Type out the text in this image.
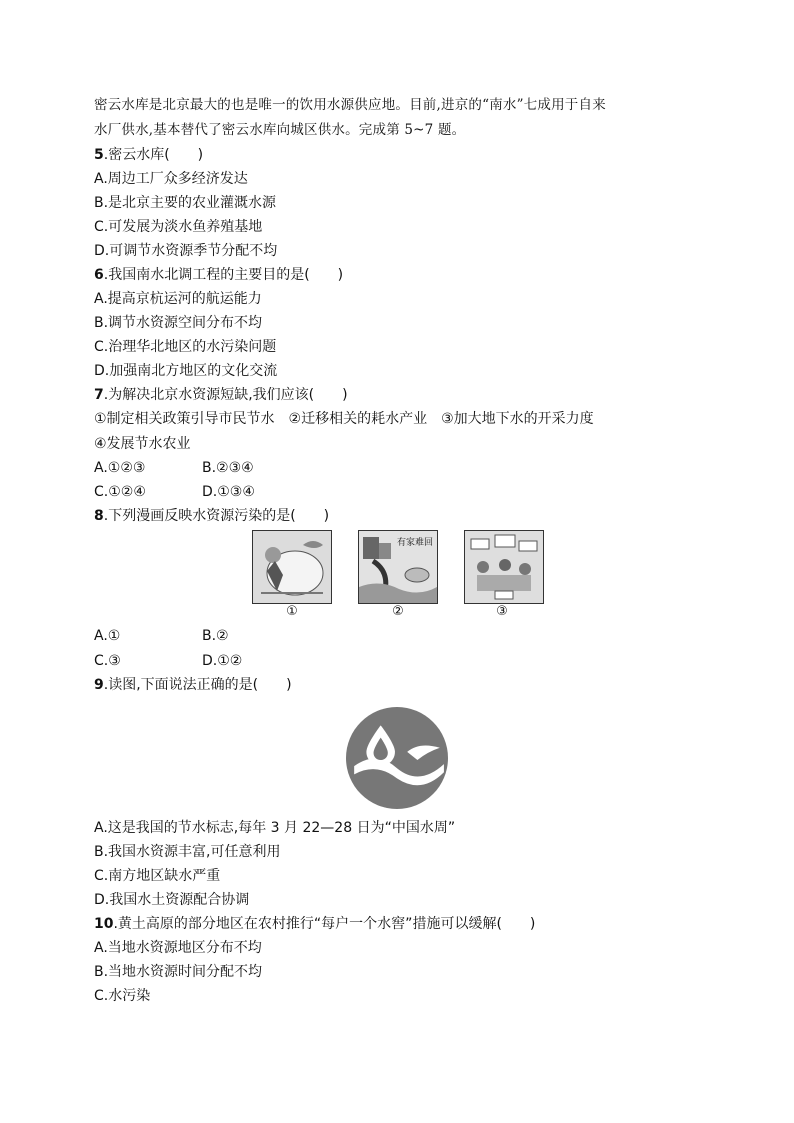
密云水库是北京最大的也是唯一的饮用水源供应地。目前,进京的“南水”七成用于自来
水厂供水,基本替代了密云水库向城区供水。完成第 5~7 题。
5.密云水库(　　)
A.周边工厂众多经济发达
B.是北京主要的农业灌溉水源
C.可发展为淡水鱼养殖基地
D.可调节水资源季节分配不均
6.我国南水北调工程的主要目的是(　　)
A.提高京杭运河的航运能力
B.调节水资源空间分布不均
C.治理华北地区的水污染问题
D.加强南北方地区的文化交流
7.为解决北京水资源短缺,我们应该(　　)
①制定相关政策引导市民节水　②迁移相关的耗水产业　③加大地下水的开采力度
④发展节水农业
A.①②③	B.②③④
C.①②④	D.①③④
8.下列漫画反映水资源污染的是(　　)
有家难回
①	②	③
A.①	B.②
C.③	D.①②
9.读图,下面说法正确的是(　　)
A.这是我国的节水标志,每年 3 月 22—28 日为“中国水周”
B.我国水资源丰富,可任意利用
C.南方地区缺水严重
D.我国水土资源配合协调
10.黄土高原的部分地区在农村推行“每户一个水窖”措施可以缓解(　　)
A.当地水资源地区分布不均
B.当地水资源时间分配不均
C.水污染
